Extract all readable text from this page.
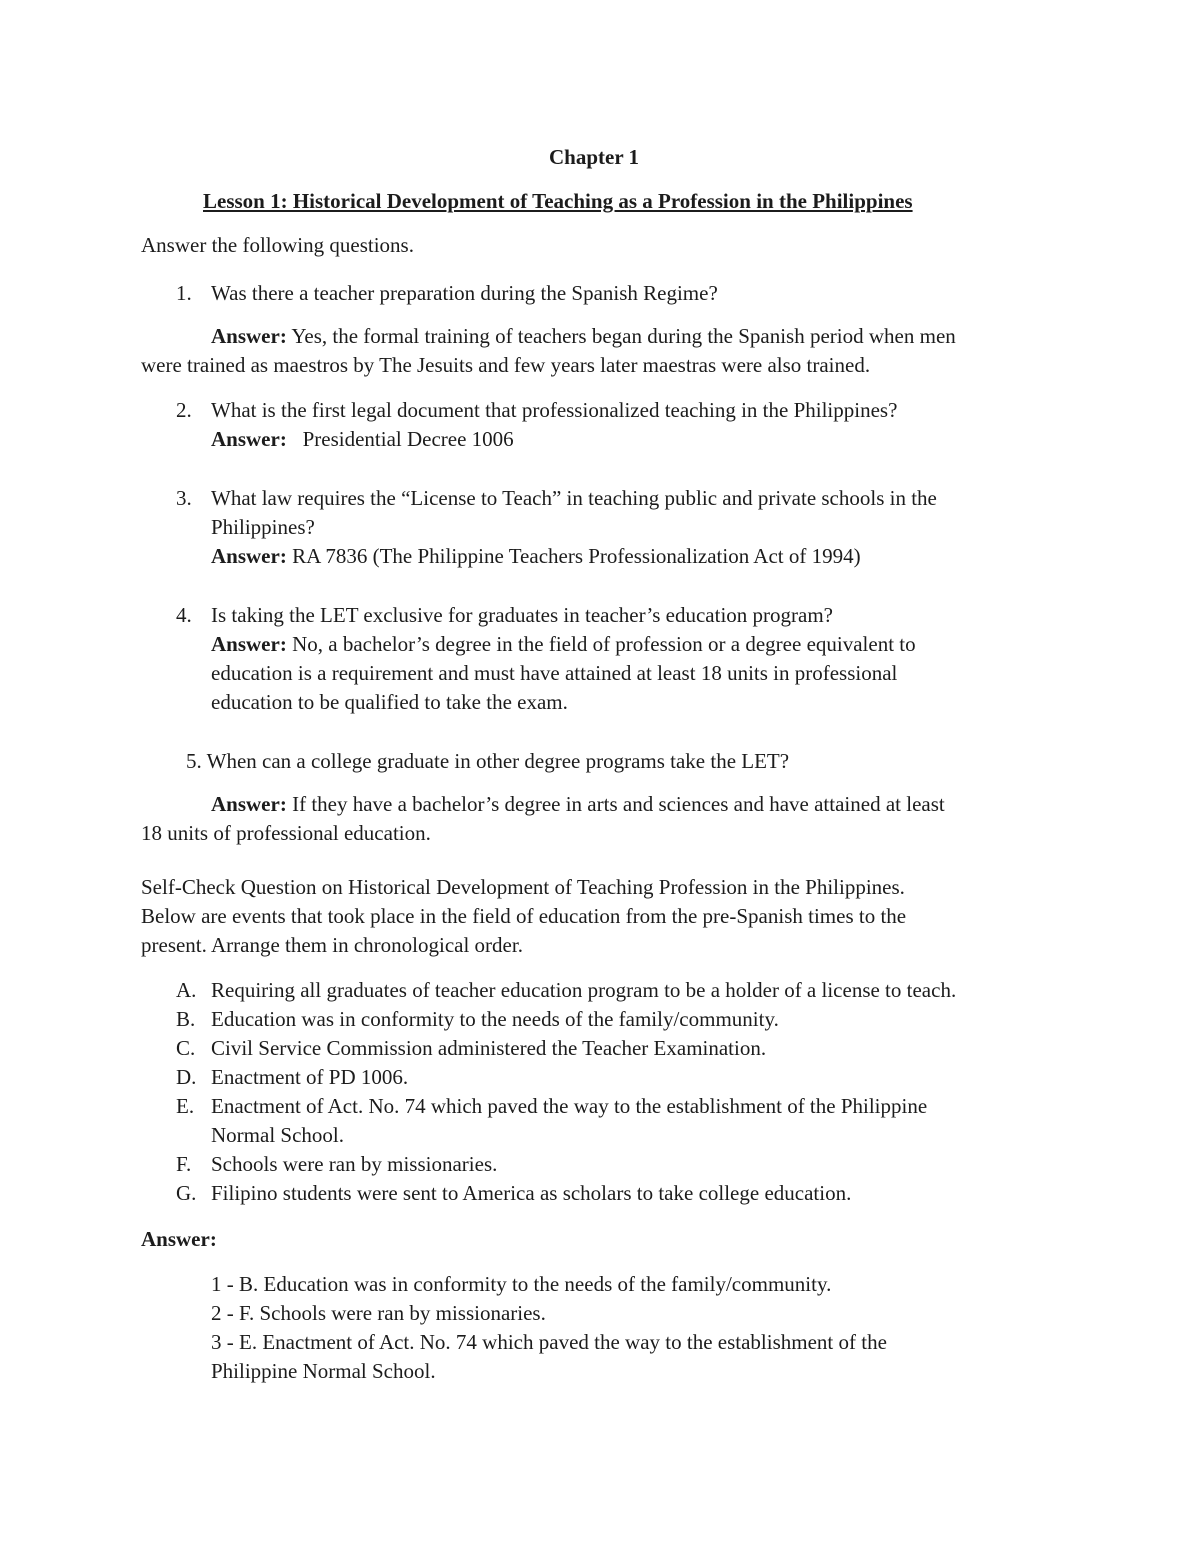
Chapter 1
Lesson 1: Historical Development of Teaching as a Profession in the Philippines
Answer the following questions.
1. Was there a teacher preparation during the Spanish Regime?
Answer: Yes, the formal training of teachers began during the Spanish period when men
were trained as maestros by The Jesuits and few years later maestras were also trained.
2. What is the first legal document that professionalized teaching in the Philippines?
Answer: Presidential Decree 1006
3. What law requires the “License to Teach” in teaching public and private schools in the
Philippines?
Answer: RA 7836 (The Philippine Teachers Professionalization Act of 1994)
4. Is taking the LET exclusive for graduates in teacher’s education program?
Answer: No, a bachelor’s degree in the field of profession or a degree equivalent to
education is a requirement and must have attained at least 18 units in professional
education to be qualified to take the exam.
5. When can a college graduate in other degree programs take the LET?
Answer: If they have a bachelor’s degree in arts and sciences and have attained at least
18 units of professional education.
Self-Check Question on Historical Development of Teaching Profession in the Philippines.
Below are events that took place in the field of education from the pre-Spanish times to the
present. Arrange them in chronological order.
A. Requiring all graduates of teacher education program to be a holder of a license to teach.
B. Education was in conformity to the needs of the family/community.
C. Civil Service Commission administered the Teacher Examination.
D. Enactment of PD 1006.
E. Enactment of Act. No. 74 which paved the way to the establishment of the Philippine
Normal School.
F. Schools were ran by missionaries.
G. Filipino students were sent to America as scholars to take college education.
Answer:
1 - B. Education was in conformity to the needs of the family/community.
2 - F. Schools were ran by missionaries.
3 - E. Enactment of Act. No. 74 which paved the way to the establishment of the
Philippine Normal School.
